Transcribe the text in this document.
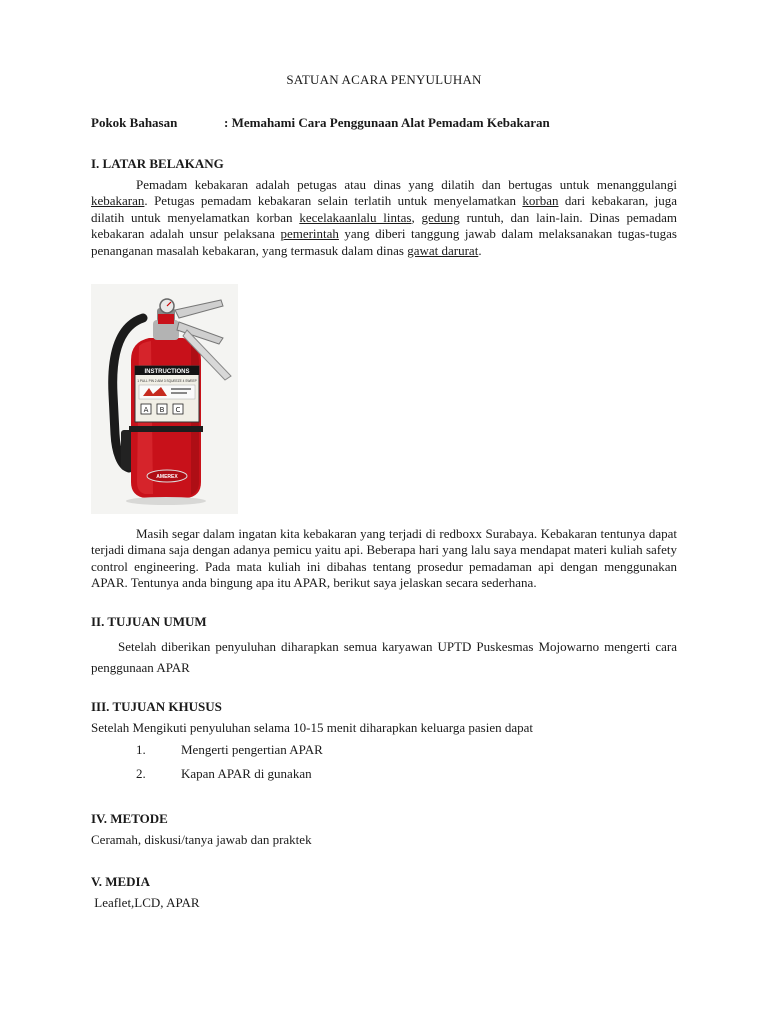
SATUAN ACARA PENYULUHAN
Pokok Bahasan	: Memahami Cara Penggunaan Alat Pemadam Kebakaran
I. LATAR BELAKANG
Pemadam kebakaran adalah petugas atau dinas yang dilatih dan bertugas untuk menanggulangi kebakaran. Petugas pemadam kebakaran selain terlatih untuk menyelamatkan korban dari kebakaran, juga dilatih untuk menyelamatkan korban kecelakaanlalu lintas, gedung runtuh, dan lain-lain. Dinas pemadam kebakaran adalah unsur pelaksana pemerintah yang diberi tanggung jawab dalam melaksanakan tugas-tugas penanganan masalah kebakaran, yang termasuk dalam dinas gawat darurat.
INSTRUCTIONS
1 PULL PIN 2 AIM 3 SQUEEZE 4 SWEEP
A B C
AMEREX
Masih segar dalam ingatan kita kebakaran yang terjadi di redboxx Surabaya. Kebakaran tentunya dapat terjadi dimana saja dengan adanya pemicu yaitu api. Beberapa hari yang lalu saya mendapat materi kuliah safety control engineering. Pada mata kuliah ini dibahas tentang prosedur pemadaman api dengan menggunakan APAR. Tentunya anda bingung apa itu APAR, berikut saya jelaskan secara sederhana.
II. TUJUAN UMUM
Setelah diberikan penyuluhan diharapkan semua karyawan UPTD Puskesmas Mojowarno mengerti cara penggunaan APAR
III. TUJUAN KHUSUS
Setelah Mengikuti penyuluhan selama 10-15 menit diharapkan keluarga pasien dapat
1.	Mengerti pengertian APAR
2.	Kapan APAR di gunakan
IV. METODE
Ceramah, diskusi/tanya jawab dan praktek
V. MEDIA
Leaflet,LCD, APAR
